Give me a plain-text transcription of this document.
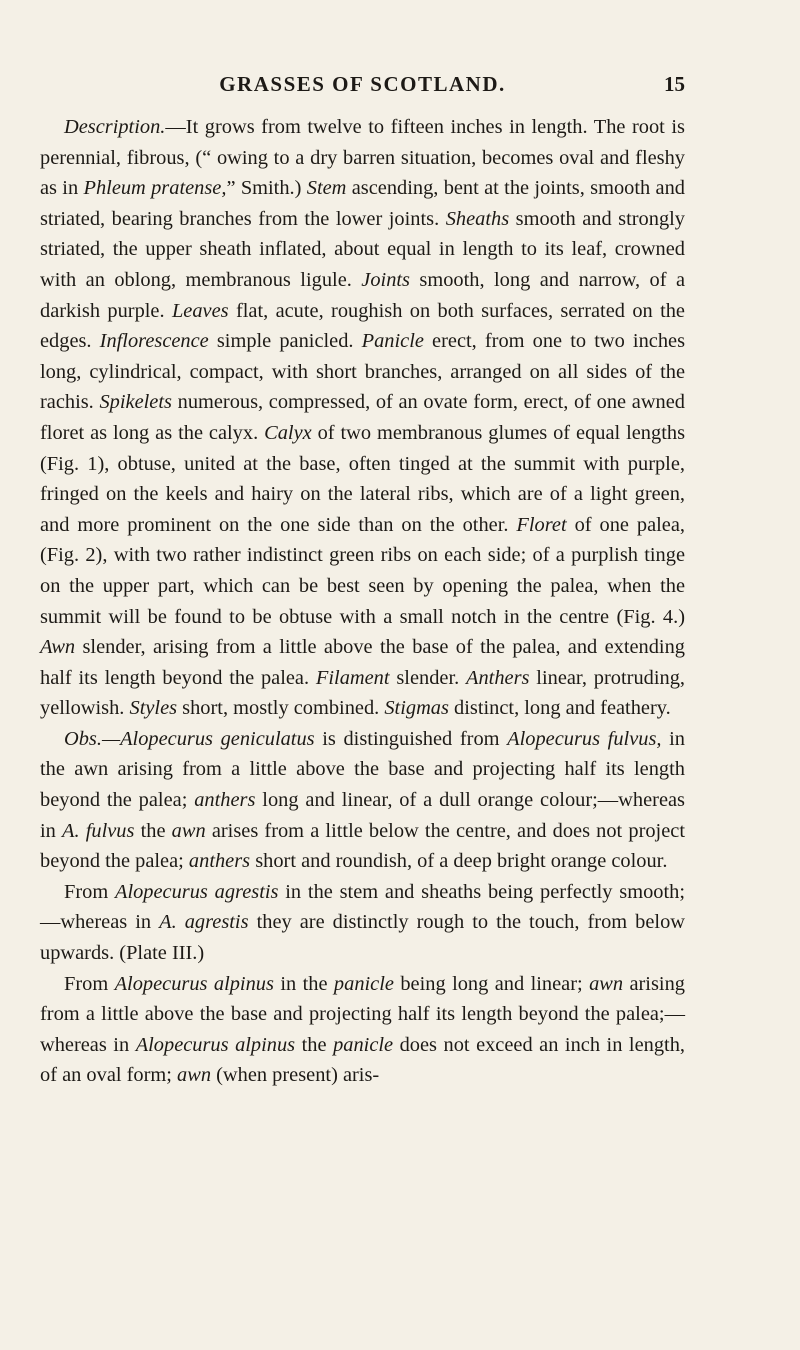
GRASSES OF SCOTLAND.	15

Description.—It grows from twelve to fifteen inches in length. The root is perennial, fibrous, (“ owing to a dry barren situation, becomes oval and fleshy as in Phleum pratense,” Smith.) Stem ascending, bent at the joints, smooth and striated, bearing branches from the lower joints. Sheaths smooth and strongly striated, the upper sheath inflated, about equal in length to its leaf, crowned with an oblong, membranous ligule. Joints smooth, long and narrow, of a darkish purple. Leaves flat, acute, roughish on both surfaces, serrated on the edges. Inflorescence simple panicled. Panicle erect, from one to two inches long, cylindrical, compact, with short branches, arranged on all sides of the rachis. Spikelets numerous, compressed, of an ovate form, erect, of one awned floret as long as the calyx. Calyx of two membranous glumes of equal lengths (Fig. 1), obtuse, united at the base, often tinged at the summit with purple, fringed on the keels and hairy on the lateral ribs, which are of a light green, and more prominent on the one side than on the other. Floret of one palea, (Fig. 2), with two rather indistinct green ribs on each side; of a purplish tinge on the upper part, which can be best seen by opening the palea, when the summit will be found to be obtuse with a small notch in the centre (Fig. 4.) Awn slender, arising from a little above the base of the palea, and extending half its length beyond the palea. Filament slender. Anthers linear, protruding, yellowish. Styles short, mostly combined. Stigmas distinct, long and feathery.

Obs.—Alopecurus geniculatus is distinguished from Alopecurus fulvus, in the awn arising from a little above the base and projecting half its length beyond the palea; anthers long and linear, of a dull orange colour;—whereas in A. fulvus the awn arises from a little below the centre, and does not project beyond the palea; anthers short and roundish, of a deep bright orange colour.

From Alopecurus agrestis in the stem and sheaths being perfectly smooth;—whereas in A. agrestis they are distinctly rough to the touch, from below upwards. (Plate III.)

From Alopecurus alpinus in the panicle being long and linear; awn arising from a little above the base and projecting half its length beyond the palea;—whereas in Alopecurus alpinus the panicle does not exceed an inch in length, of an oval form; awn (when present) aris-
